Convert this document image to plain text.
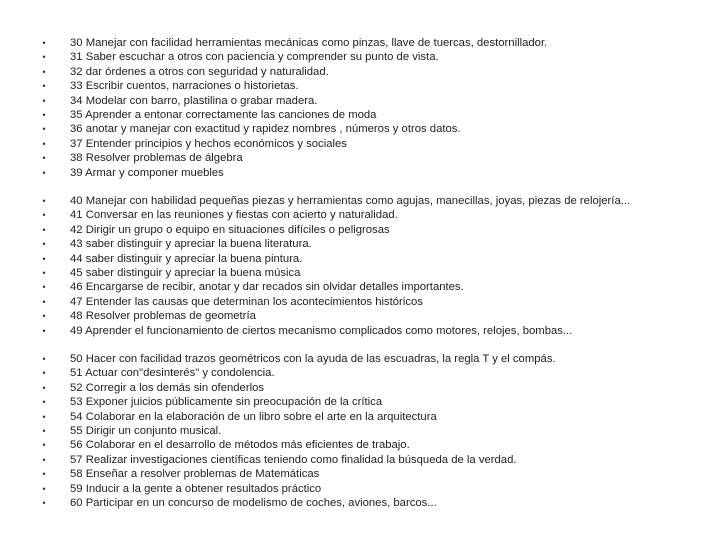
• 30 Manejar con facilidad herramientas mecánicas como pinzas, llave de tuercas, destornillador.
• 31 Saber escuchar a otros con paciencia y comprender su punto de vista.
• 32 dar órdenes a otros con seguridad y naturalidad.
• 33 Escribir cuentos, narraciones o historietas.
• 34 Modelar con barro, plastilina o grabar madera.
• 35 Aprender a entonar correctamente las canciones de moda
• 36 anotar y manejar con exactitud y rapidez nombres , números y otros datos.
• 37 Entender principios y hechos económicos y sociales
• 38 Resolver problemas de álgebra
• 39 Armar y componer muebles
• 40 Manejar con habilidad pequeñas piezas y herramientas como agujas, manecillas, joyas, piezas de relojería...
• 41 Conversar en las reuniones y fiestas con acierto y naturalidad.
• 42 Dirigir un grupo o equipo en situaciones difíciles o peligrosas
• 43 saber distinguir y apreciar la buena literatura.
• 44 saber distinguir y apreciar la buena pintura.
• 45 saber distinguir y apreciar la buena música
• 46 Encargarse de recibir, anotar y dar recados sin olvidar detalles importantes.
• 47 Entender las causas que determinan los acontecimientos históricos
• 48 Resolver problemas de geometría
• 49 Aprender el funcionamiento de ciertos mecanismo complicados como motores, relojes, bombas...
• 50 Hacer con facilidad trazos geométricos con la ayuda de las escuadras, la regla T y el compás.
• 51 Actuar con"desinterés" y condolencia.
• 52 Corregir a los demás sin ofenderlos
• 53 Exponer juicios públicamente sin preocupación de la crítica
• 54 Colaborar en la elaboración de un libro sobre el arte en la arquitectura
• 55 Dirigir un conjunto musical.
• 56 Colaborar en el desarrollo de métodos más eficientes de trabajo.
• 57 Realizar investigaciones científicas teniendo como finalidad la búsqueda de la verdad.
• 58 Enseñar a resolver problemas de Matemáticas
• 59 Inducir a la gente a obtener resultados práctico
• 60 Participar en un concurso de modelismo de coches, aviones, barcos...
